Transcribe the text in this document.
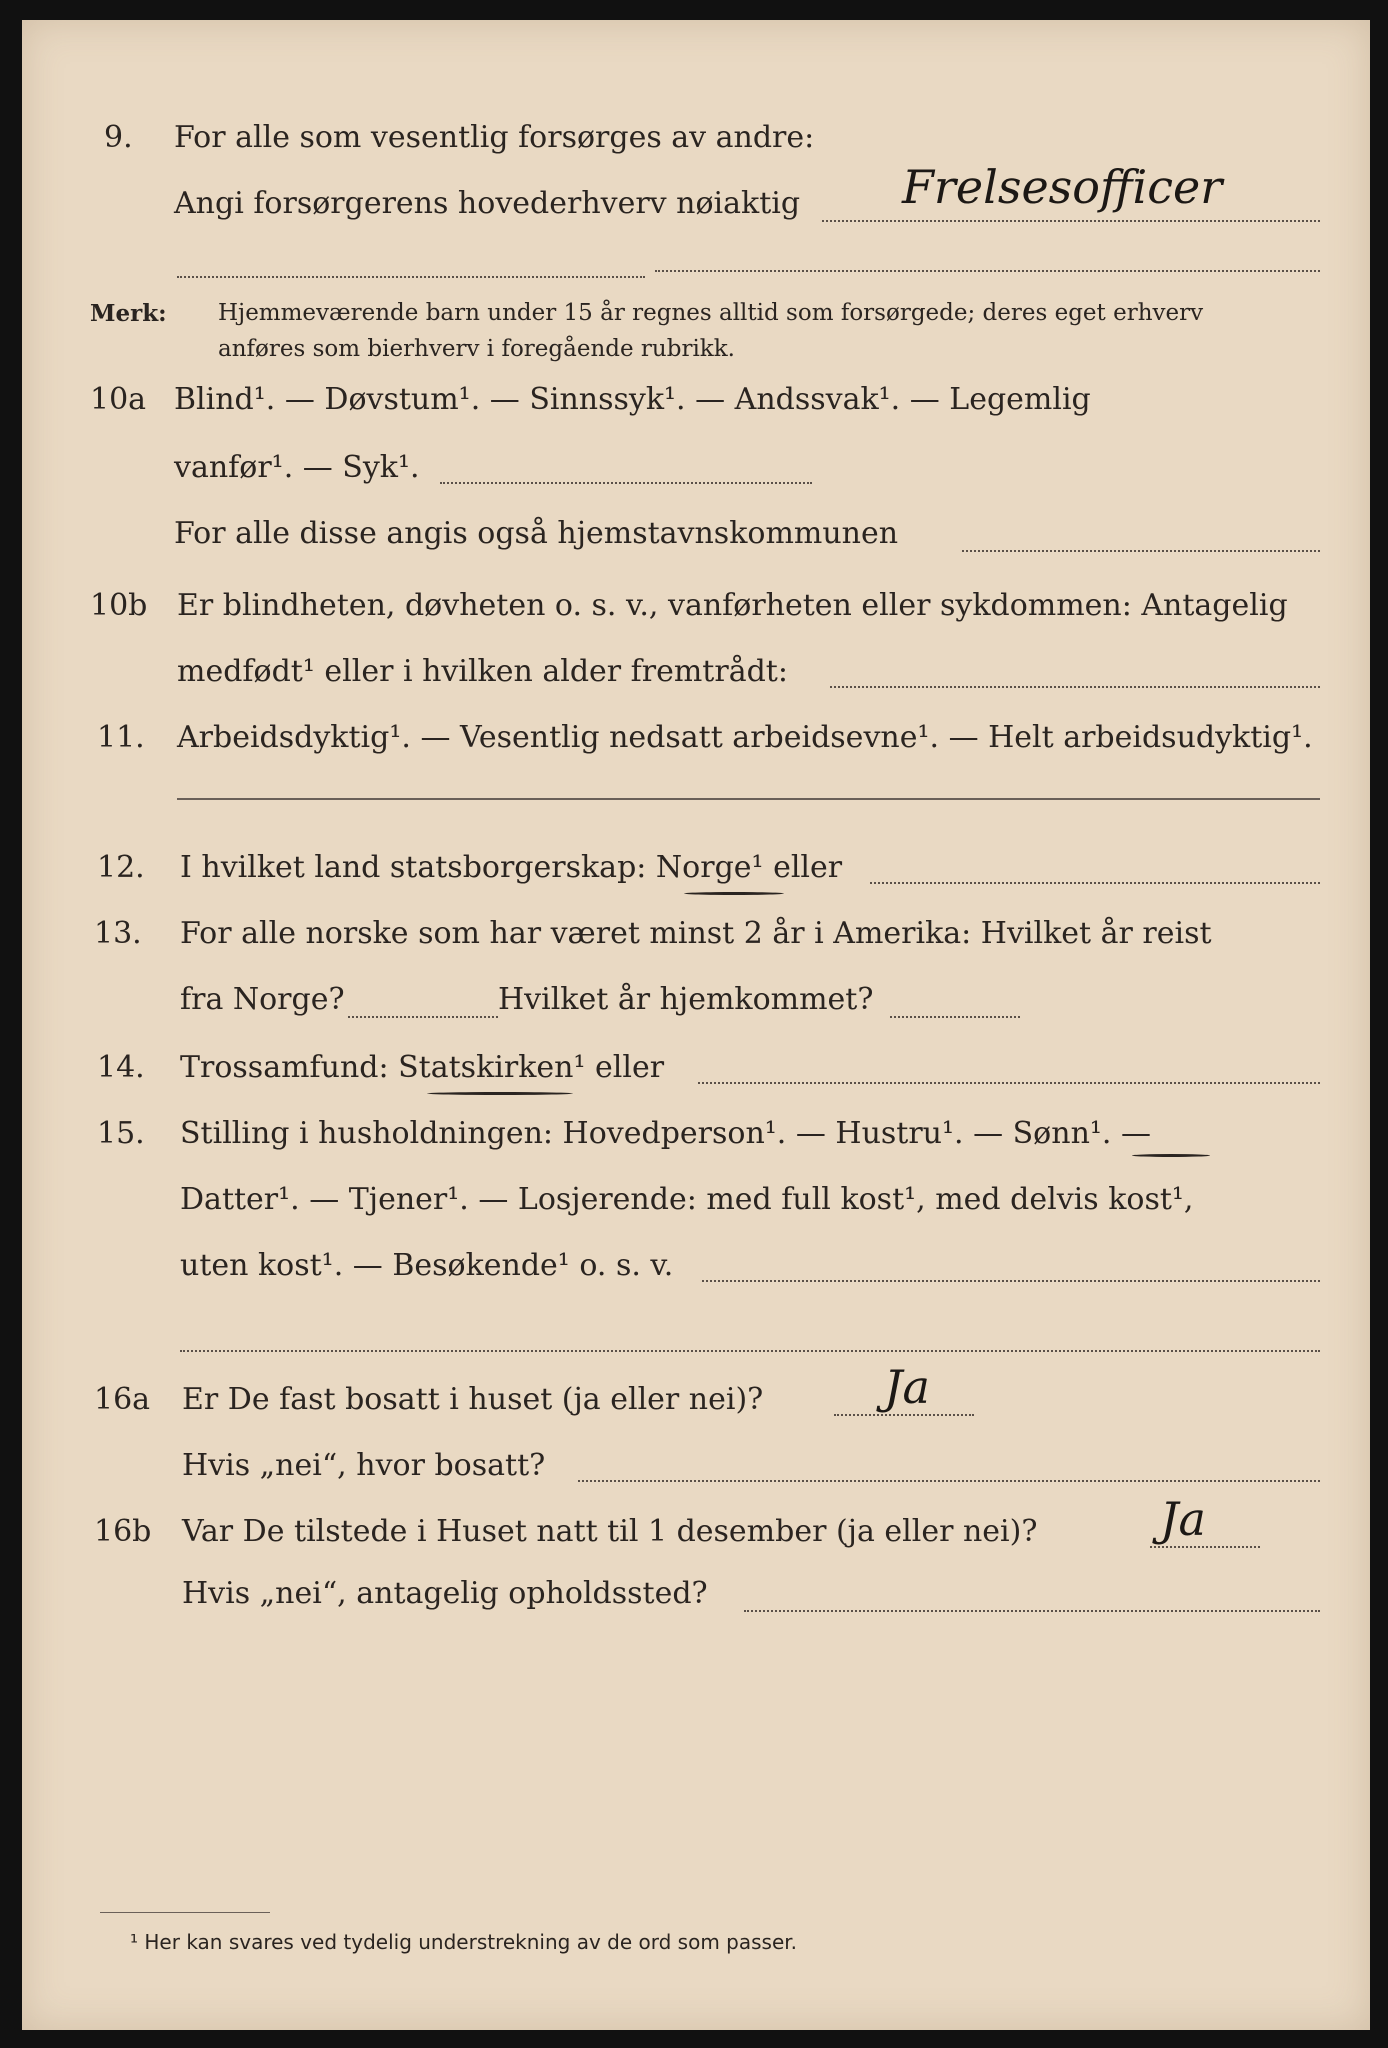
9. For alle som vesentlig forsørges av andre:
Angi forsørgerens hovederhverv nøiaktig Frelsesofficer
Merk: Hjemmeværende barn under 15 år regnes alltid som forsørgede; deres eget erhverv
anføres som bierhverv i foregående rubrikk.
10a Blind¹. — Døvstum¹. — Sinnssyk¹. — Andssvak¹. — Legemlig
vanfør¹. — Syk¹.
For alle disse angis også hjemstavnskommunen
10b Er blindheten, døvheten o. s. v., vanførheten eller sykdommen: Antagelig
medfødt¹ eller i hvilken alder fremtrådt:
11. Arbeidsdyktig¹. — Vesentlig nedsatt arbeidsevne¹. — Helt arbeidsudyktig¹.
12. I hvilket land statsborgerskap: Norge¹ eller
13. For alle norske som har været minst 2 år i Amerika: Hvilket år reist
fra Norge?	Hvilket år hjemkommet?
14. Trossamfund: Statskirken¹ eller
15. Stilling i husholdningen: Hovedperson¹. — Hustru¹. — Sønn¹. —
Datter¹. — Tjener¹. — Losjerende: med full kost¹, med delvis kost¹,
uten kost¹. — Besøkende¹ o. s. v.
16a Er De fast bosatt i huset (ja eller nei)?	Ja
Hvis „nei“, hvor bosatt?
16b Var De tilstede i Huset natt til 1 desember (ja eller nei)?	Ja
Hvis „nei“, antagelig opholdssted?
¹ Her kan svares ved tydelig understrekning av de ord som passer.
